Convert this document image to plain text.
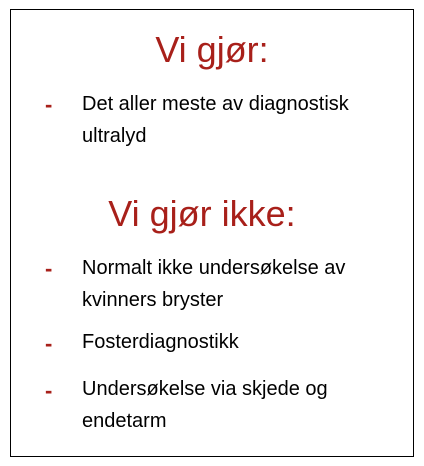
Vi gjør:
- Det aller meste av diagnostisk ultralyd
Vi gjør ikke:
- Normalt ikke undersøkelse av kvinners bryster
- Fosterdiagnostikk
- Undersøkelse via skjede og endetarm
